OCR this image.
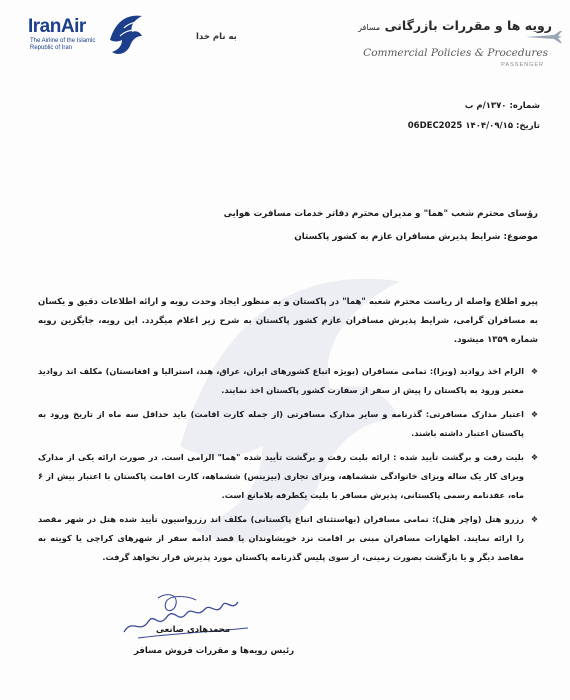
IranAir
The Airline of the Islamic Republic of Iran
به نام خدا
رویه ها و مقررات بازرگانی مسافر
Commercial Policies & Procedures
PASSENGER
شماره: ۱۳۷۰/م ب
تاریخ: ۱۴۰۴/۰۹/۱۵ 06DEC2025
رؤسای محترم شعب "هما" و مدیران محترم دفاتر خدمات مسافرت هوایی
موضوع: شرایط پذیرش مسافران عازم به کشور پاکستان
پیرو اطلاع واصله از ریاست محترم شعبه "هما" در پاکستان و به منظور ایجاد وحدت رویه و ارائه اطلاعات دقیق و یکسان به مسافران گرامی، شرایط پذیرش مسافران عازم کشور پاکستان به شرح زیر اعلام میگردد. این رویه، جایگزین رویه شماره ۱۳۵۹ میشود.
❖
الزام اخذ روادید (ویزا): تمامی مسافران (بویژه اتباع کشورهای ایران، عراق، هند، استرالیا و افغانستان) مکلف اند روادید معتبر ورود به پاکستان را پیش از سفر از سفارت کشور پاکستان اخذ نمایند.
❖
اعتبار مدارک مسافرتی: گذرنامه و سایر مدارک مسافرتی (از جمله کارت اقامت) باید حداقل سه ماه از تاریخ ورود به پاکستان اعتبار داشته باشند.
❖
بلیت رفت و برگشت تأیید شده : ارائه بلیت رفت و برگشت تأیید شده "هما" الزامی است. در صورت ارائه یکی از مدارک ویزای کار یک ساله ویزای خانوادگی ششماهه، ویزای تجاری (بیزینس) ششماهه، کارت اقامت پاکستان با اعتبار بیش از ۶ ماه، عقدنامه رسمی پاکستانی، پذیرش مسافر با بلیت یکطرفه بلامانع است.
❖
رزرو هتل (واچر هتل): تمامی مسافران (بهاستثنای اتباع پاکستانی) مکلف اند رزرواسیون تأیید شده هتل در شهر مقصد را ارائه نمایند. اظهارات مسافران مبنی بر اقامت نزد خویشاوندان یا قصد ادامه سفر از شهرهای کراچی یا کویته به مقاصد دیگر و یا بازگشت بصورت زمینی، از سوی پلیس گذرنامه پاکستان مورد پذیرش قرار نخواهد گرفت.
محمدهادی صانعی
رئیس رویه‌ها و مقررات فروش مسافر
